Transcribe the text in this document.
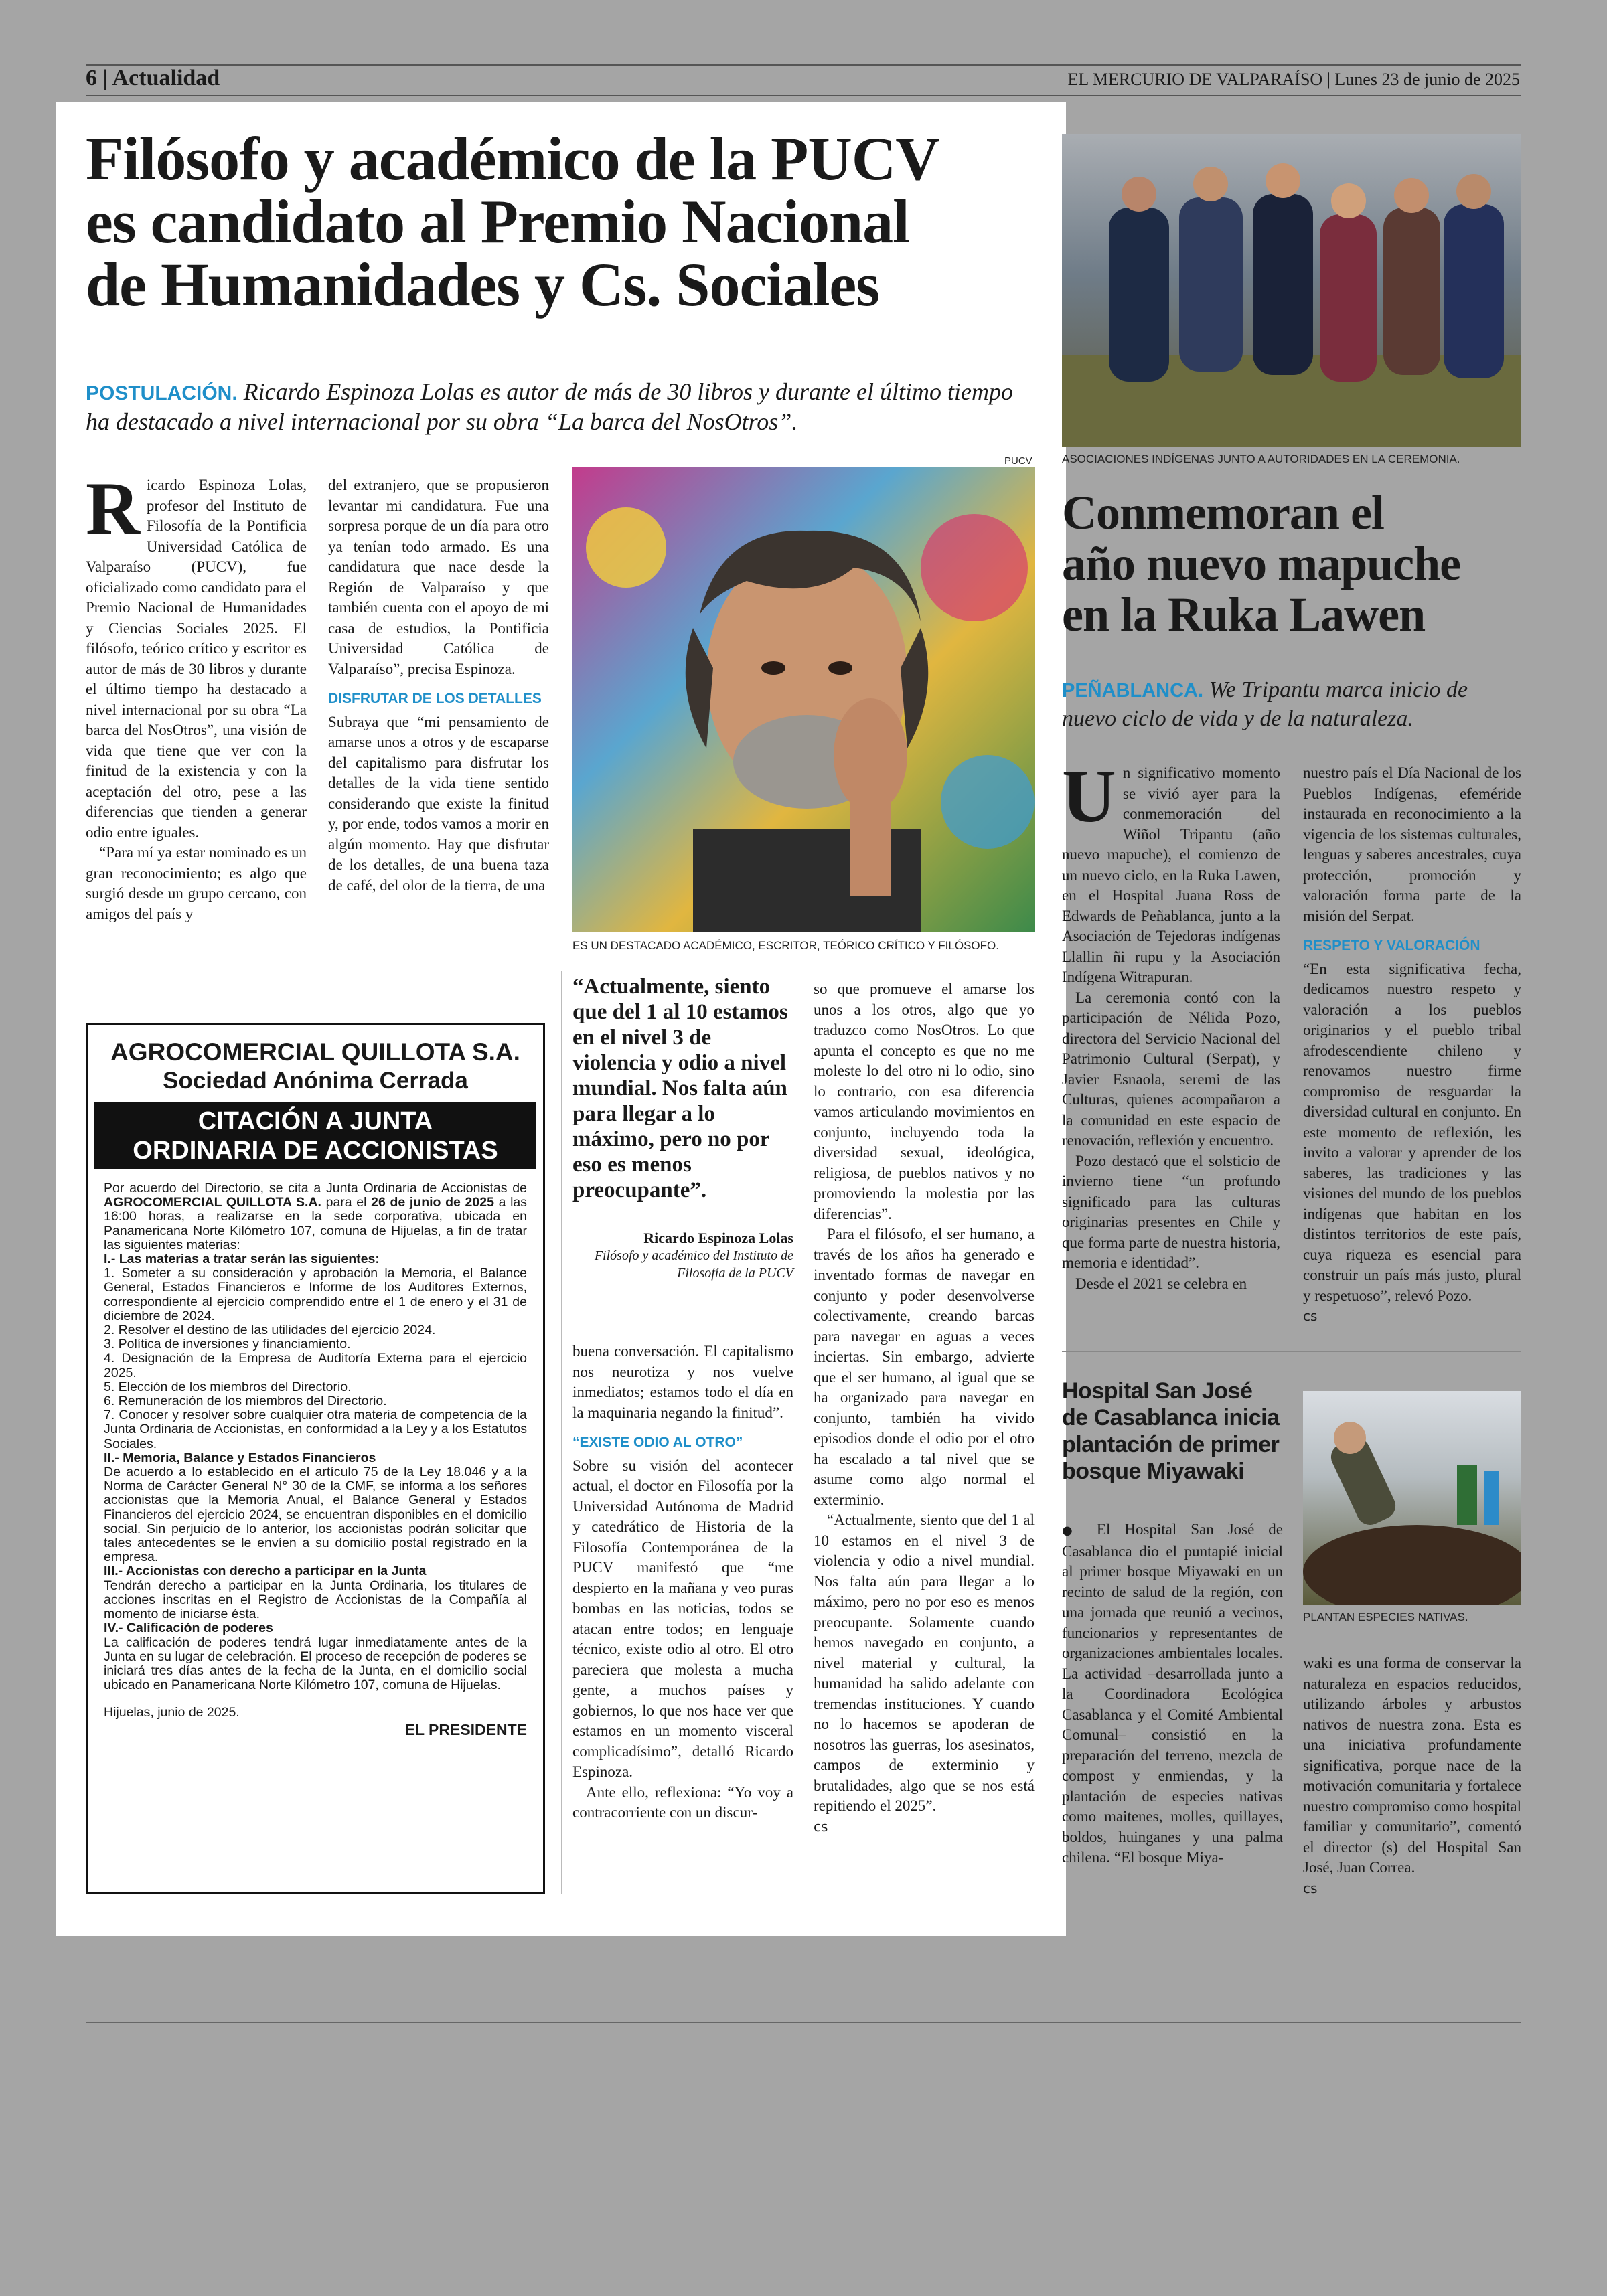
6 | Actualidad	EL MERCURIO DE VALPARAÍSO | Lunes 23 de junio de 2025
Filósofo y académico de la PUCV
es candidato al Premio Nacional
de Humanidades y Cs. Sociales
POSTULACIÓN. Ricardo Espinoza Lolas es autor de más de 30 libros y durante el último tiempo ha destacado a nivel internacional por su obra “La barca del NosOtros”.
R icardo Espinoza Lolas, profesor del Instituto de Filosofía de la Pontificia Universidad Católica de Valparaíso (PUCV), fue oficializado como candidato para el Premio Nacional de Humanidades y Ciencias Sociales 2025. El filósofo, teórico crítico y escritor es autor de más de 30 libros y durante el último tiempo ha destacado a nivel internacional por su obra “La barca del NosOtros”, una visión de vida que tiene que ver con la finitud de la existencia y con la aceptación del otro, pese a las diferencias que tienden a generar odio entre iguales.

“Para mí ya estar nominado es un gran reconocimiento; es algo que surgió desde un grupo cercano, con amigos del país y

del extranjero, que se propusieron levantar mi candidatura. Fue una sorpresa porque de un día para otro ya tenían todo armado. Es una candidatura que nace desde la Región de Valparaíso y que también cuenta con el apoyo de mi casa de estudios, la Pontificia Universidad Católica de Valparaíso”, precisa Espinoza.

DISFRUTAR DE LOS DETALLES

Subraya que “mi pensamiento de amarse unos a otros y de escaparse del capitalismo para disfrutar los detalles de la vida tiene sentido considerando que existe la finitud y, por ende, todos vamos a morir en algún momento. Hay que disfrutar de los detalles, de una buena taza de café, del olor de la tierra, de una

PUCV
ES UN DESTACADO ACADÉMICO, ESCRITOR, TEÓRICO CRÍTICO Y FILÓSOFO.
“Actualmente, siento que del 1 al 10 estamos en el nivel 3 de violencia y odio a nivel mundial. Nos falta aún para llegar a lo máximo, pero no por eso es menos preocupante”.
Ricardo Espinoza Lolas
Filósofo y académico del Instituto de Filosofía de la PUCV

buena conversación. El capitalismo nos neurotiza y nos vuelve inmediatos; estamos todo el día en la maquinaria negando la finitud”.

“EXISTE ODIO AL OTRO”

Sobre su visión del acontecer actual, el doctor en Filosofía por la Universidad Autónoma de Madrid y catedrático de Historia de la Filosofía Contemporánea de la PUCV manifestó que “me despierto en la mañana y veo puras bombas en las noticias, todos se atacan entre todos; en lenguaje técnico, existe odio al otro. El otro pareciera que molesta a mucha gente, a muchos países y gobiernos, lo que nos hace ver que estamos en un momento visceral complicadísimo”, detalló Ricardo Espinoza.

Ante ello, reflexiona: “Yo voy a contracorriente con un discur-

so que promueve el amarse los unos a los otros, algo que yo traduzco como NosOtros. Lo que apunta el concepto es que no me moleste lo del otro ni lo odio, sino lo contrario, con esa diferencia vamos articulando movimientos en conjunto, incluyendo toda la diversidad sexual, ideológica, religiosa, de pueblos nativos y no promoviendo la molestia por las diferencias”.

Para el filósofo, el ser humano, a través de los años ha generado e inventado formas de navegar en conjunto y poder desenvolverse colectivamente, creando barcas para navegar en aguas a veces inciertas. Sin embargo, advierte que el ser humano, al igual que se ha organizado para navegar en conjunto, también ha vivido episodios donde el odio por el otro ha escalado a tal nivel que se asume como algo normal el exterminio.

“Actualmente, siento que del 1 al 10 estamos en el nivel 3 de violencia y odio a nivel mundial. Nos falta aún para llegar a lo máximo, pero no por eso es menos preocupante. Solamente cuando hemos navegado en conjunto, a nivel material y cultural, la humanidad ha salido adelante con tremendas instituciones. Y cuando no lo hacemos se apoderan de nosotros las guerras, los asesinatos, campos de exterminio y brutalidades, algo que se nos está repitiendo el 2025”.

cs
AGROCOMERCIAL QUILLOTA S.A.
Sociedad Anónima Cerrada
CITACIÓN A JUNTA
ORDINARIA DE ACCIONISTAS

Por acuerdo del Directorio, se cita a Junta Ordinaria de Accionistas de AGROCOMERCIAL QUILLOTA S.A. para el 26 de junio de 2025 a las 16:00 horas, a realizarse en la sede corporativa, ubicada en Panamericana Norte Kilómetro 107, comuna de Hijuelas, a fin de tratar las siguientes materias:

I.- Las materias a tratar serán las siguientes:

1. Someter a su consideración y aprobación la Memoria, el Balance General, Estados Financieros e Informe de los Auditores Externos, correspondiente al ejercicio comprendido entre el 1 de enero y el 31 de diciembre de 2024.

2. Resolver el destino de las utilidades del ejercicio 2024.

3. Política de inversiones y financiamiento.

4. Designación de la Empresa de Auditoría Externa para el ejercicio 2025.

5. Elección de los miembros del Directorio.

6. Remuneración de los miembros del Directorio.

7. Conocer y resolver sobre cualquier otra materia de competencia de la Junta Ordinaria de Accionistas, en conformidad a la Ley y a los Estatutos Sociales.

II.- Memoria, Balance y Estados Financieros

De acuerdo a lo establecido en el artículo 75 de la Ley 18.046 y a la Norma de Carácter General N° 30 de la CMF, se informa a los señores accionistas que la Memoria Anual, el Balance General y Estados Financieros del ejercicio 2024, se encuentran disponibles en el domicilio social. Sin perjuicio de lo anterior, los accionistas podrán solicitar que tales antecedentes se le envíen a su domicilio postal registrado en la empresa.

III.- Accionistas con derecho a participar en la Junta

Tendrán derecho a participar en la Junta Ordinaria, los titulares de acciones inscritas en el Registro de Accionistas de la Compañía al momento de iniciarse ésta.

IV.- Calificación de poderes

La calificación de poderes tendrá lugar inmediatamente antes de la Junta en su lugar de celebración. El proceso de recepción de poderes se iniciará tres días antes de la fecha de la Junta, en el domicilio social ubicado en Panamericana Norte Kilómetro 107, comuna de Hijuelas.

Hijuelas, junio de 2025.

EL PRESIDENTE

ASOCIACIONES INDÍGENAS JUNTO A AUTORIDADES EN LA CEREMONIA.
Conmemoran el
año nuevo mapuche
en la Ruka Lawen
PEÑABLANCA. We Tripantu marca inicio de nuevo ciclo de vida y de la naturaleza.
U n significativo momento se vivió ayer para la conmemoración del Wiñol Tripantu (año nuevo mapuche), el comienzo de un nuevo ciclo, en la Ruka Lawen, en el Hospital Juana Ross de Edwards de Peñablanca, junto a la Asociación de Tejedoras indígenas Llallin ñi rupu y la Asociación Indígena Witrapuran.

La ceremonia contó con la participación de Nélida Pozo, directora del Servicio Nacional del Patrimonio Cultural (Serpat), y Javier Esnaola, seremi de las Culturas, quienes acompañaron a la comunidad en este espacio de renovación, reflexión y encuentro.

Pozo destacó que el solsticio de invierno tiene “un profundo significado para las culturas originarias presentes en Chile y que forma parte de nuestra historia, memoria e identidad”.

Desde el 2021 se celebra en

nuestro país el Día Nacional de los Pueblos Indígenas, efeméride instaurada en reconocimiento a la vigencia de los sistemas culturales, lenguas y saberes ancestrales, cuya protección, promoción y valoración forma parte de la misión del Serpat.

RESPETO Y VALORACIÓN

“En esta significativa fecha, dedicamos nuestro respeto y valoración a los pueblos originarios y el pueblo tribal afrodescendiente chileno y renovamos nuestro firme compromiso de resguardar la diversidad cultural en conjunto. En este momento de reflexión, les invito a valorar y aprender de los saberes, las tradiciones y las visiones del mundo de los pueblos indígenas que habitan en los distintos territorios de este país, cuya riqueza es esencial para construir un país más justo, plural y respetuoso”, relevó Pozo.

cs
Hospital San José
de Casablanca inicia
plantación de primer
bosque Miyawaki
PLANTAN ESPECIES NATIVAS.

● El Hospital San José de Casablanca dio el puntapié inicial al primer bosque Miyawaki en un recinto de salud de la región, con una jornada que reunió a vecinos, funcionarios y representantes de organizaciones ambientales locales. La actividad –desarrollada junto a la Coordinadora Ecológica Casablanca y el Comité Ambiental Comunal– consistió en la preparación del terreno, mezcla de compost y enmiendas, y la plantación de especies nativas como maitenes, molles, quillayes, boldos, huinganes y una palma chilena. “El bosque Miya-

waki es una forma de conservar la naturaleza en espacios reducidos, utilizando árboles y arbustos nativos de nuestra zona. Esta es una iniciativa profundamente significativa, porque nace de la motivación comunitaria y fortalece nuestro compromiso como hospital familiar y comunitario”, comentó el director (s) del Hospital San José, Juan Correa.

cs
